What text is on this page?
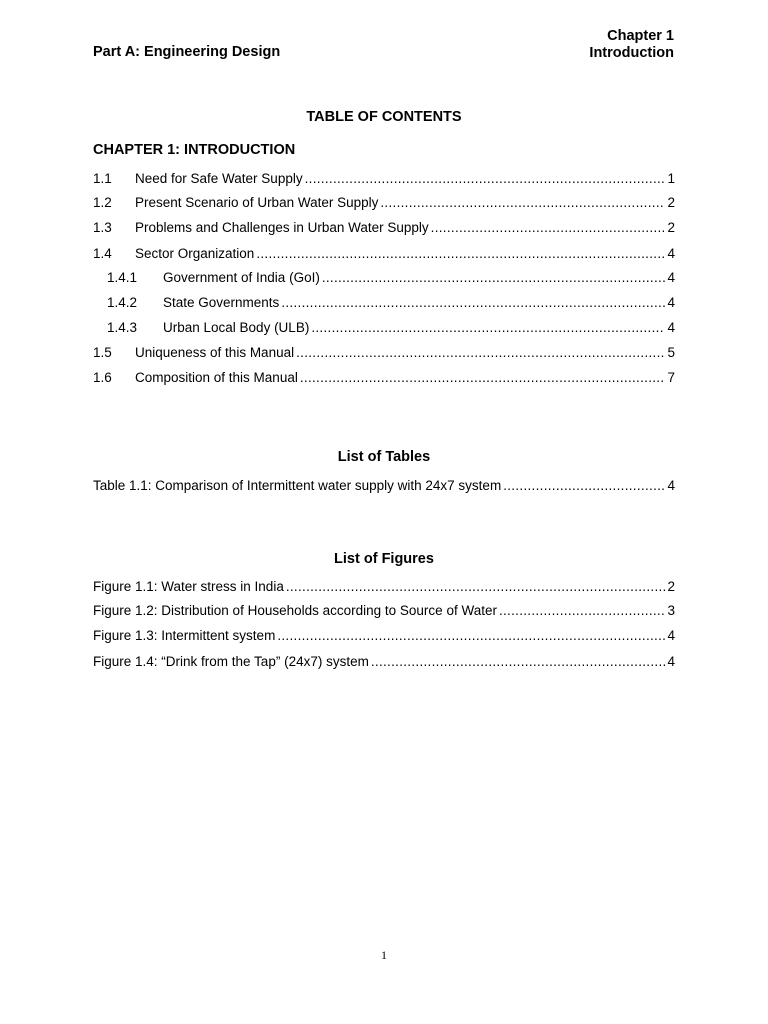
Part A: Engineering Design
Chapter 1
Introduction
TABLE OF CONTENTS
CHAPTER 1: INTRODUCTION
1.1	Need for Safe Water Supply .....	1
1.2	Present Scenario of Urban Water Supply .....	2
1.3	Problems and Challenges in Urban Water Supply .....	2
1.4	Sector Organization .....	4
1.4.1	Government of India (GoI) .....	4
1.4.2	State Governments .....	4
1.4.3	Urban Local Body (ULB) .....	4
1.5	Uniqueness of this Manual .....	5
1.6	Composition of this Manual .....	7
List of Tables
Table 1.1: Comparison of Intermittent water supply with 24x7 system .....	4
List of Figures
Figure 1.1: Water stress in India .....	2
Figure 1.2: Distribution of Households according to Source of Water .....	3
Figure 1.3: Intermittent system .....	4
Figure 1.4: “Drink from the Tap” (24x7) system .....	4
1
